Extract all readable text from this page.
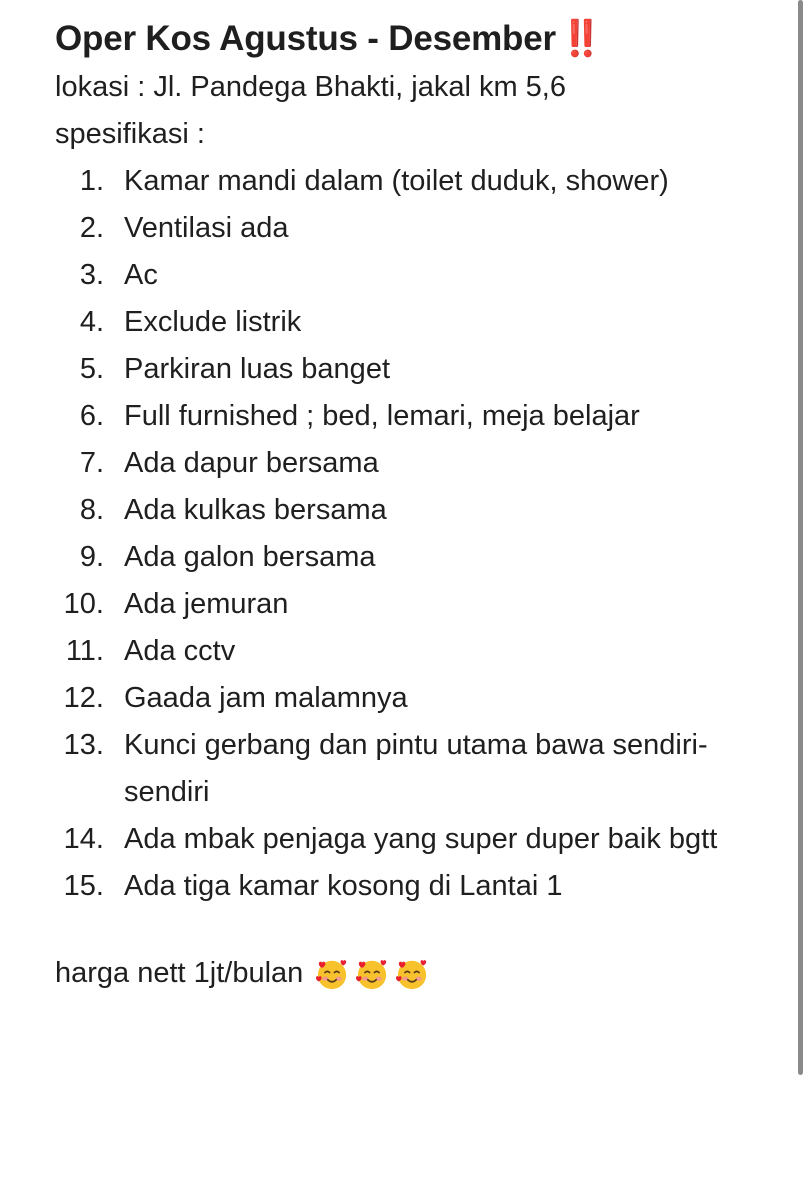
Oper Kos Agustus - Desember ‼️
lokasi : Jl. Pandega Bhakti, jakal km 5,6
spesifikasi :
1. Kamar mandi dalam (toilet duduk, shower)
2. Ventilasi ada
3. Ac
4. Exclude listrik
5. Parkiran luas banget
6. Full furnished ; bed, lemari, meja belajar
7. Ada dapur bersama
8. Ada kulkas bersama
9. Ada galon bersama
10. Ada jemuran
11. Ada cctv
12. Gaada jam malamnya
13. Kunci gerbang dan pintu utama bawa sendiri-sendiri
14. Ada mbak penjaga yang super duper baik bgtt
15. Ada tiga kamar kosong di Lantai 1
harga nett 1jt/bulan
